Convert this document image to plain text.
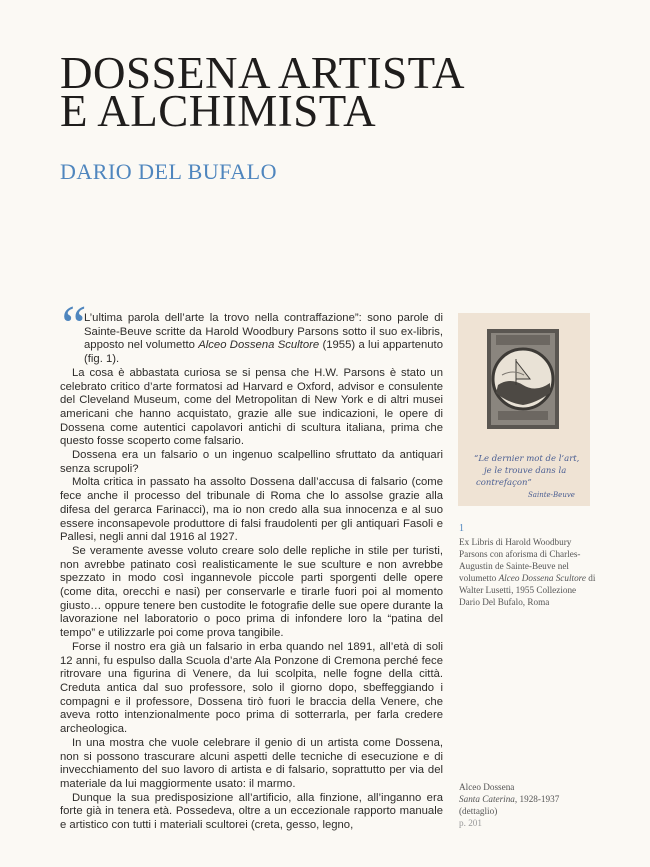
DOSSENA ARTISTA
E ALCHIMISTA
DARIO DEL BUFALO
“

L’ultima parola dell’arte la trovo nella contraffazione”: sono parole di Sainte-Beuve scritte da Harold Woodbury Parsons sotto il suo ex-libris, apposto nel volumetto Alceo Dossena Scultore (1955) a lui appartenuto (fig. 1).

La cosa è abbastata curiosa se si pensa che H.W. Parsons è stato un celebrato critico d’arte formatosi ad Harvard e Oxford, advisor e consulente del Cleveland Museum, come del Metropolitan di New York e di altri musei americani che hanno acquistato, grazie alle sue indicazioni, le opere di Dossena come autentici capolavori antichi di scultura italiana, prima che questo fosse scoperto come falsario.

Dossena era un falsario o un ingenuo scalpellino sfruttato da antiquari senza scrupoli?

Molta critica in passato ha assolto Dossena dall’accusa di falsario (come fece anche il processo del tribunale di Roma che lo assolse grazie alla difesa del gerarca Farinacci), ma io non credo alla sua innocenza e al suo essere inconsapevole produttore di falsi fraudolenti per gli antiquari Fasoli e Pallesi, negli anni dal 1916 al 1927.

Se veramente avesse voluto creare solo delle repliche in stile per turisti, non avrebbe patinato così realisticamente le sue sculture e non avrebbe spezzato in modo così ingannevole piccole parti sporgenti delle opere (come dita, orecchi e nasi) per conservarle e tirarle fuori poi al momento giusto… oppure tenere ben custodite le fotografie delle sue opere durante la lavorazione nel laboratorio o poco prima di infondere loro la “patina del tempo” e utilizzarle poi come prova tangibile.

Forse il nostro era già un falsario in erba quando nel 1891, all’età di soli 12 anni, fu espulso dalla Scuola d’arte Ala Ponzone di Cremona perché fece ritrovare una figurina di Venere, da lui scolpita, nelle fogne della città. Creduta antica dal suo professore, solo il giorno dopo, sbeffeggiando i compagni e il professore, Dossena tirò fuori le braccia della Venere, che aveva rotto intenzionalmente poco prima di sotterrarla, per farla credere archeologica.

In una mostra che vuole celebrare il genio di un artista come Dossena, non si possono trascurare alcuni aspetti delle tecniche di esecuzione e di invecchiamento del suo lavoro di artista e di falsario, soprattutto per via del materiale da lui maggiormente usato: il marmo.

Dunque la sua predisposizione all’artificio, alla finzione, all’inganno era forte già in tenera età. Possedeva, oltre a un eccezionale rapporto manuale e artistico con tutti i materiali scultorei (creta, gesso, legno,

“Le dernier mot de l’art,
je le trouve dans la
contrefaçon”
Sainte-Beuve
1
Ex Libris di Harold Woodbury Parsons con aforisma di Charles-Augustin de Sainte-Beuve nel volumetto Alceo Dossena Scultore di Walter Lusetti, 1955 Collezione Dario Del Bufalo, Roma
Alceo Dossena
Santa Caterina, 1928-1937
(dettaglio)
p. 201
